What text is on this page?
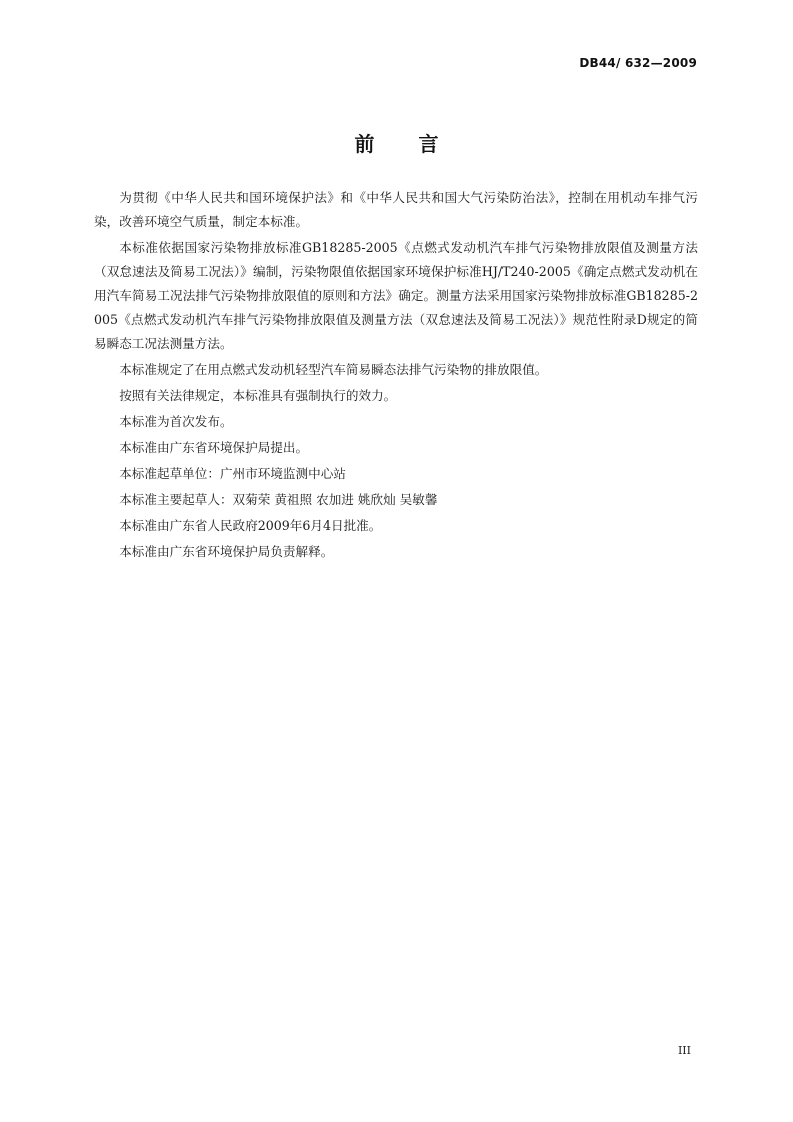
DB44/ 632—2009
前 言

为贯彻《中华人民共和国环境保护法》和《中华人民共和国大气污染防治法》，控制在用机动车排气污染，改善环境空气质量，制定本标准。

本标准依据国家污染物排放标准GB18285-2005《点燃式发动机汽车排气污染物排放限值及测量方法（双怠速法及简易工况法）》编制，污染物限值依据国家环境保护标准HJ/T240-2005《确定点燃式发动机在用汽车简易工况法排气污染物排放限值的原则和方法》确定。测量方法采用国家污染物排放标准GB18285-2005《点燃式发动机汽车排气污染物排放限值及测量方法（双怠速法及简易工况法）》规范性附录D规定的简易瞬态工况法测量方法。

本标准规定了在用点燃式发动机轻型汽车简易瞬态法排气污染物的排放限值。

按照有关法律规定，本标准具有强制执行的效力。

本标准为首次发布。

本标准由广东省环境保护局提出。

本标准起草单位：广州市环境监测中心站

本标准主要起草人：双菊荣 黄祖照 农加进 姚欣灿 吴敏馨

本标准由广东省人民政府2009年6月4日批准。

本标准由广东省环境保护局负责解释。

III
